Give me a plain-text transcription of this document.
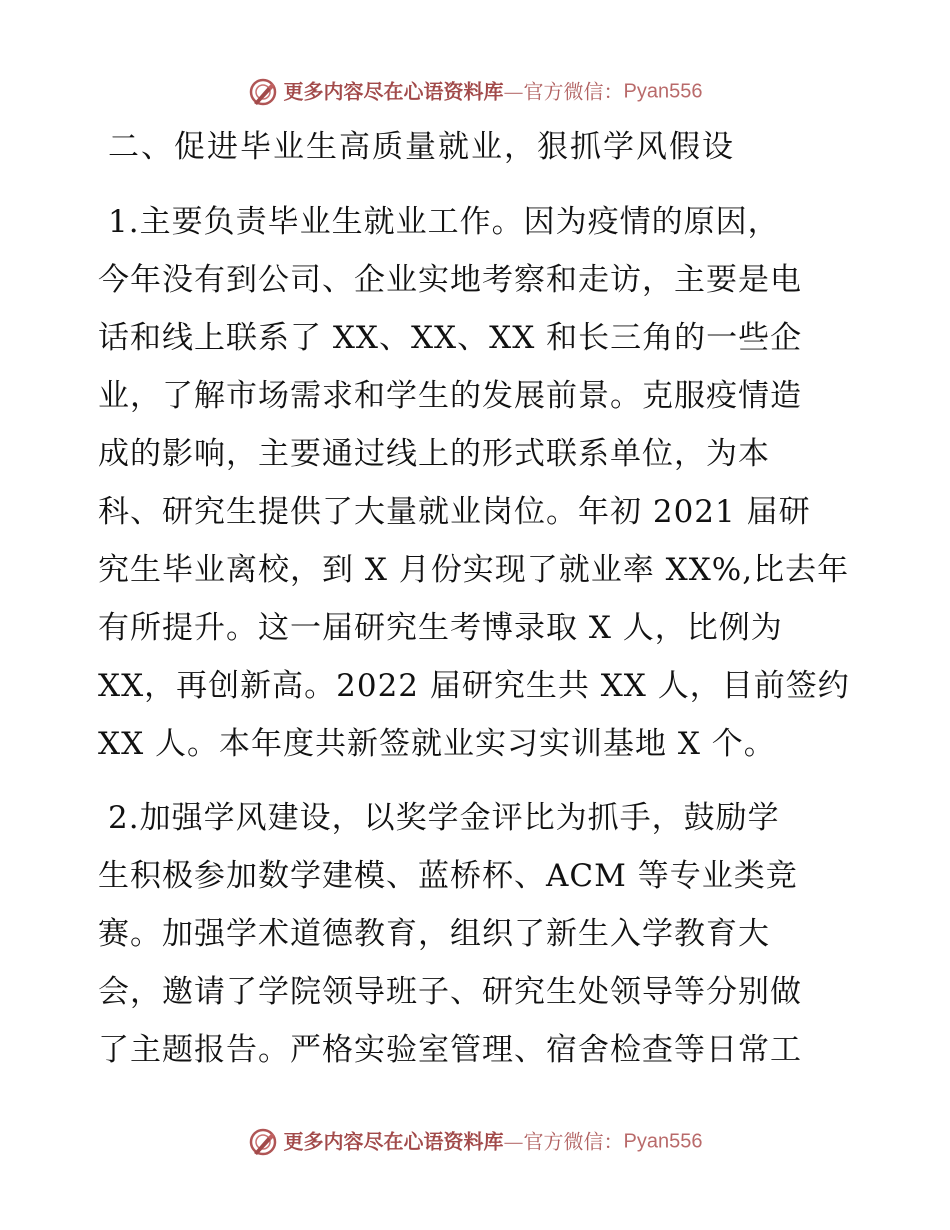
更多内容尽在心语资料库—官方微信：Pyan556
二、促进毕业生高质量就业，狠抓学风假设
1.主要负责毕业生就业工作。因为疫情的原因，
今年没有到公司、企业实地考察和走访，主要是电
话和线上联系了 XX、XX、XX 和长三角的一些企
业，了解市场需求和学生的发展前景。克服疫情造
成的影响，主要通过线上的形式联系单位，为本
科、研究生提供了大量就业岗位。年初 2021 届研
究生毕业离校，到 X 月份实现了就业率 XX%,比去年
有所提升。这一届研究生考博录取 X 人，比例为
XX，再创新高。2022 届研究生共 XX 人，目前签约
XX 人。本年度共新签就业实习实训基地 X 个。
2.加强学风建设，以奖学金评比为抓手，鼓励学
生积极参加数学建模、蓝桥杯、ACM 等专业类竞
赛。加强学术道德教育，组织了新生入学教育大
会，邀请了学院领导班子、研究生处领导等分别做
了主题报告。严格实验室管理、宿舍检查等日常工
更多内容尽在心语资料库—官方微信：Pyan556
